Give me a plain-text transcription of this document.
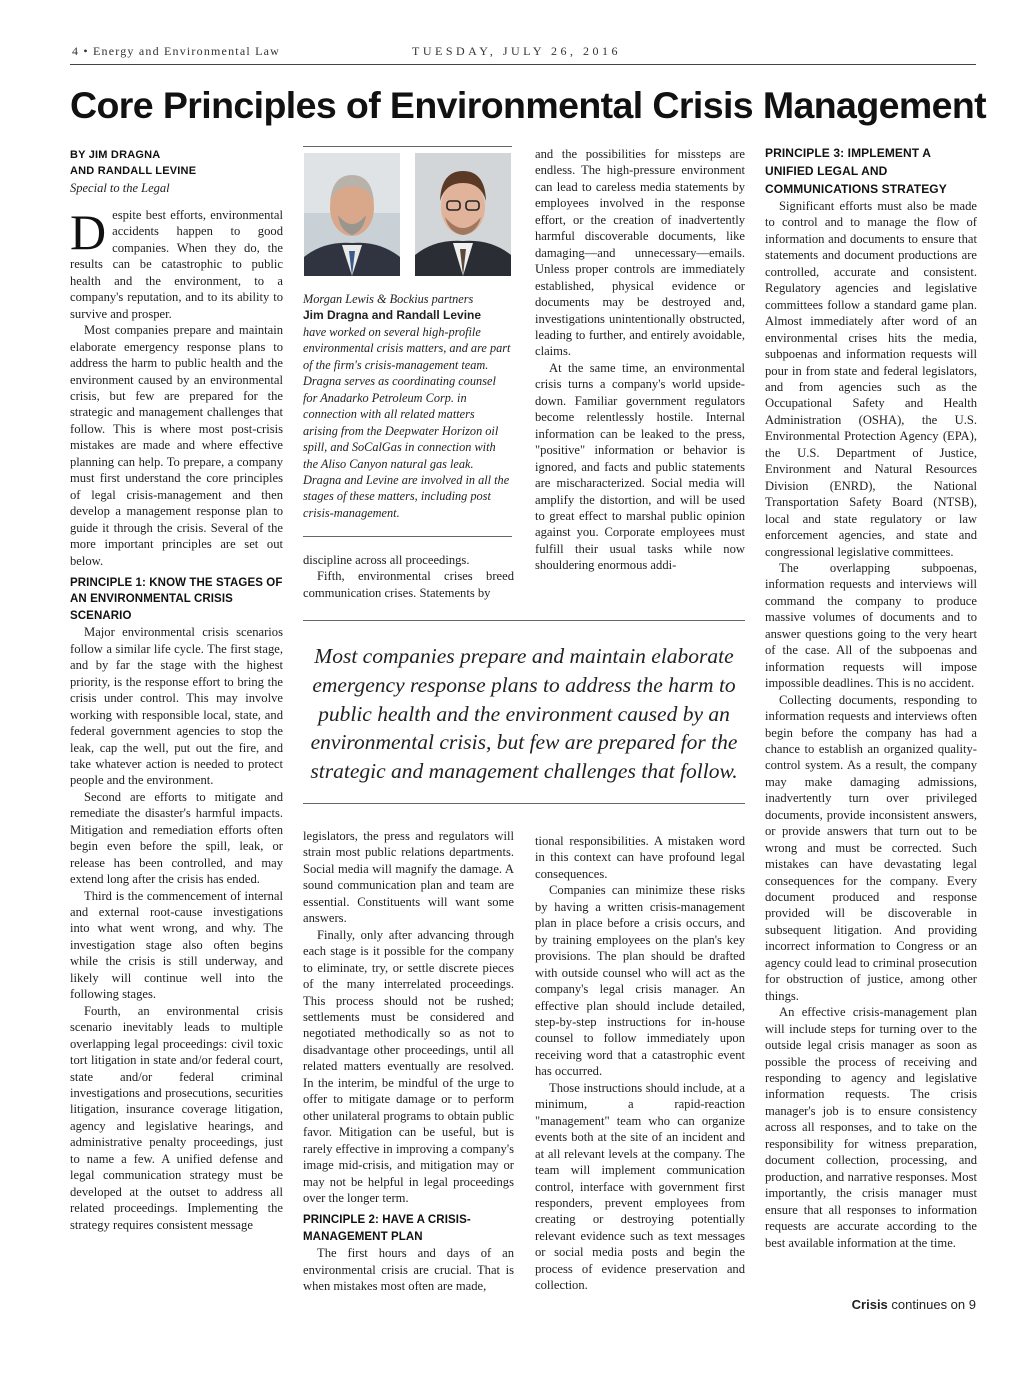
4 • Energy and Environmental Law	TUESDAY, JULY 26, 2016
Core Principles of Environmental Crisis Management
BY JIM DRAGNA
AND RANDALL LEVINE
Special to the Legal

Despite best efforts, environmental accidents happen to good companies. When they do, the results can be catastrophic to public health and the environment, to a company's reputation, and to its ability to survive and prosper.

Most companies prepare and maintain elaborate emergency response plans to address the harm to public health and the environment caused by an environmental crisis, but few are prepared for the strategic and management challenges that follow. This is where most post-crisis mistakes are made and where effective planning can help. To prepare, a company must first understand the core principles of legal crisis-management and then develop a management response plan to guide it through the crisis. Several of the more important principles are set out below.

PRINCIPLE 1: KNOW THE STAGES OF AN ENVIRONMENTAL CRISIS SCENARIO

Major environmental crisis scenarios follow a similar life cycle. The first stage, and by far the stage with the highest priority, is the response effort to bring the crisis under control. This may involve working with responsible local, state, and federal government agencies to stop the leak, cap the well, put out the fire, and take whatever action is needed to protect people and the environment.

Second are efforts to mitigate and remediate the disaster's harmful impacts. Mitigation and remediation efforts often begin even before the spill, leak, or release has been controlled, and may extend long after the crisis has ended.

Third is the commencement of internal and external root-cause investigations into what went wrong, and why. The investigation stage also often begins while the crisis is still underway, and likely will continue well into the following stages.

Fourth, an environmental crisis scenario inevitably leads to multiple overlapping legal proceedings: civil toxic tort litigation in state and/or federal court, state and/or federal criminal investigations and prosecutions, securities litigation, insurance coverage litigation, agency and legislative hearings, and administrative penalty proceedings, just to name a few. A unified defense and legal communication strategy must be developed at the outset to address all related proceedings. Implementing the strategy requires consistent message

Morgan Lewis & Bockius partners
Jim Dragna and Randall Levine
have worked on several high-profile environmental crisis matters, and are part of the firm's crisis-management team. Dragna serves as coordinating counsel for Anadarko Petroleum Corp. in connection with all related matters arising from the Deepwater Horizon oil spill, and SoCalGas in connection with the Aliso Canyon natural gas leak. Dragna and Levine are involved in all the stages of these matters, including post crisis-management.

discipline across all proceedings.

Fifth, environmental crises breed communication crises. Statements by

and the possibilities for missteps are endless. The high-pressure environment can lead to careless media statements by employees involved in the response effort, or the creation of inadvertently harmful discoverable documents, like damaging—and unnecessary—emails. Unless proper controls are immediately established, physical evidence or documents may be destroyed and, investigations unintentionally obstructed, leading to further, and entirely avoidable, claims.

At the same time, an environmental crisis turns a company's world upside-down. Familiar government regulators become relentlessly hostile. Internal information can be leaked to the press, "positive" information or behavior is ignored, and facts and public statements are mischaracterized. Social media will amplify the distortion, and will be used to great effect to marshal public opinion against you. Corporate employees must fulfill their usual tasks while now shouldering enormous addi-

Most companies prepare and maintain elaborate emergency response plans to address the harm to public health and the environment caused by an environmental crisis, but few are prepared for the strategic and management challenges that follow.

legislators, the press and regulators will strain most public relations departments. Social media will magnify the damage. A sound communication plan and team are essential. Constituents will want some answers.

Finally, only after advancing through each stage is it possible for the company to eliminate, try, or settle discrete pieces of the many interrelated proceedings. This process should not be rushed; settlements must be considered and negotiated methodically so as not to disadvantage other proceedings, until all related matters eventually are resolved. In the interim, be mindful of the urge to offer to mitigate damage or to perform other unilateral programs to obtain public favor. Mitigation can be useful, but is rarely effective in improving a company's image mid-crisis, and mitigation may or may not be helpful in legal proceedings over the longer term.

PRINCIPLE 2: HAVE A CRISIS-MANAGEMENT PLAN

The first hours and days of an environmental crisis are crucial. That is when mistakes most often are made,

tional responsibilities. A mistaken word in this context can have profound legal consequences.

Companies can minimize these risks by having a written crisis-management plan in place before a crisis occurs, and by training employees on the plan's key provisions. The plan should be drafted with outside counsel who will act as the company's legal crisis manager. An effective plan should include detailed, step-by-step instructions for in-house counsel to follow immediately upon receiving word that a catastrophic event has occurred.

Those instructions should include, at a minimum, a rapid-reaction "management" team who can organize events both at the site of an incident and at all relevant levels at the company. The team will implement communication control, interface with government first responders, prevent employees from creating or destroying potentially relevant evidence such as text messages or social media posts and begin the process of evidence preservation and collection.

PRINCIPLE 3: IMPLEMENT A UNIFIED LEGAL AND COMMUNICATIONS STRATEGY

Significant efforts must also be made to control and to manage the flow of information and documents to ensure that statements and document productions are controlled, accurate and consistent. Regulatory agencies and legislative committees follow a standard game plan. Almost immediately after word of an environmental crises hits the media, subpoenas and information requests will pour in from state and federal legislators, and from agencies such as the Occupational Safety and Health Administration (OSHA), the U.S. Environmental Protection Agency (EPA), the U.S. Department of Justice, Environment and Natural Resources Division (ENRD), the National Transportation Safety Board (NTSB), local and state regulatory or law enforcement agencies, and state and congressional legislative committees.

The overlapping subpoenas, information requests and interviews will command the company to produce massive volumes of documents and to answer questions going to the very heart of the case. All of the subpoenas and information requests will impose impossible deadlines. This is no accident.

Collecting documents, responding to information requests and interviews often begin before the company has had a chance to establish an organized quality-control system. As a result, the company may make damaging admissions, inadvertently turn over privileged documents, provide inconsistent answers, or provide answers that turn out to be wrong and must be corrected. Such mistakes can have devastating legal consequences for the company. Every document produced and response provided will be discoverable in subsequent litigation. And providing incorrect information to Congress or an agency could lead to criminal prosecution for obstruction of justice, among other things.

An effective crisis-management plan will include steps for turning over to the outside legal crisis manager as soon as possible the process of receiving and responding to agency and legislative information requests. The crisis manager's job is to ensure consistency across all responses, and to take on the responsibility for witness preparation, document collection, processing, and production, and narrative responses. Most importantly, the crisis manager must ensure that all responses to information requests are accurate according to the best available information at the time.

Crisis continues on 9
